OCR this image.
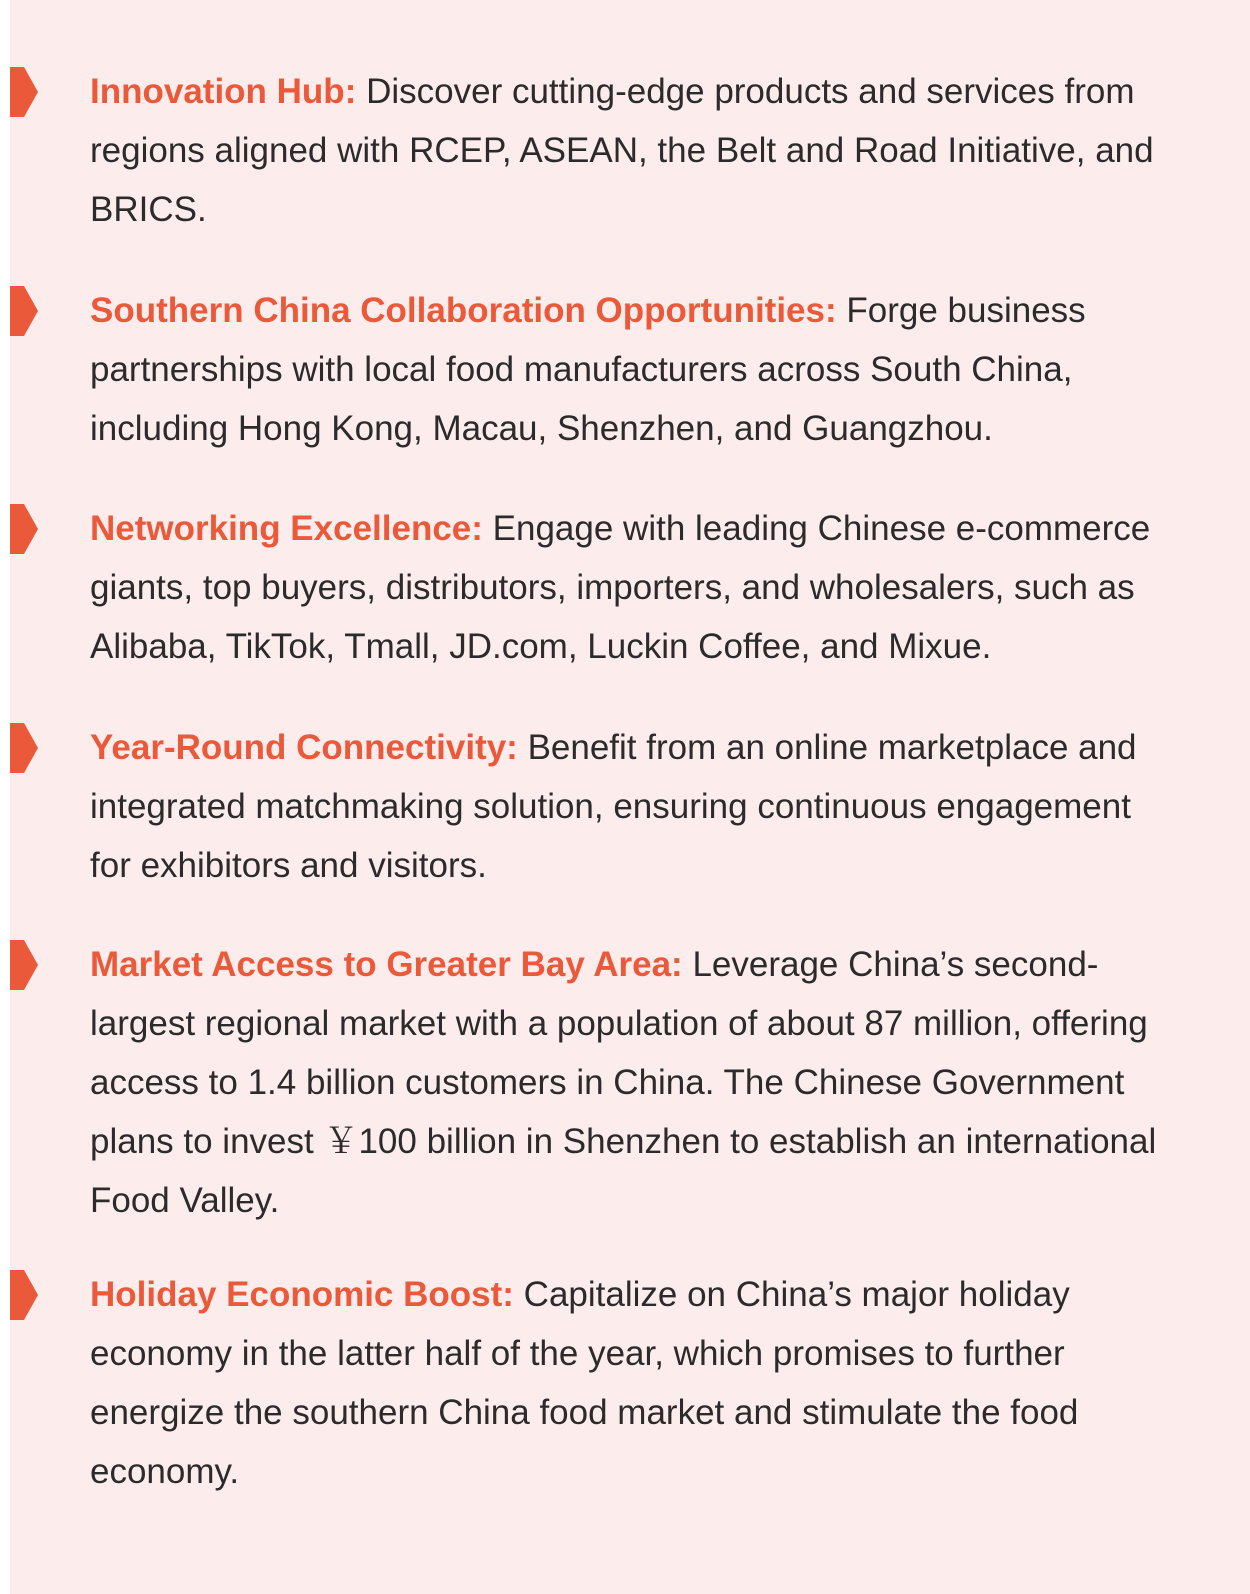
Innovation Hub: Discover cutting-edge products and services from regions aligned with RCEP, ASEAN, the Belt and Road Initiative, and BRICS.

Southern China Collaboration Opportunities: Forge business partnerships with local food manufacturers across South China, including Hong Kong, Macau, Shenzhen, and Guangzhou.

Networking Excellence: Engage with leading Chinese e-commerce giants, top buyers, distributors, importers, and wholesalers, such as Alibaba, TikTok, Tmall, JD.com, Luckin Coffee, and Mixue.

Year-Round Connectivity: Benefit from an online marketplace and integrated matchmaking solution, ensuring continuous engagement for exhibitors and visitors.

Market Access to Greater Bay Area: Leverage China’s second-largest regional market with a population of about 87 million, offering access to 1.4 billion customers in China. The Chinese Government plans to invest ￥100 billion in Shenzhen to establish an international Food Valley.

Holiday Economic Boost: Capitalize on China’s major holiday economy in the latter half of the year, which promises to further energize the southern China food market and stimulate the food economy.
